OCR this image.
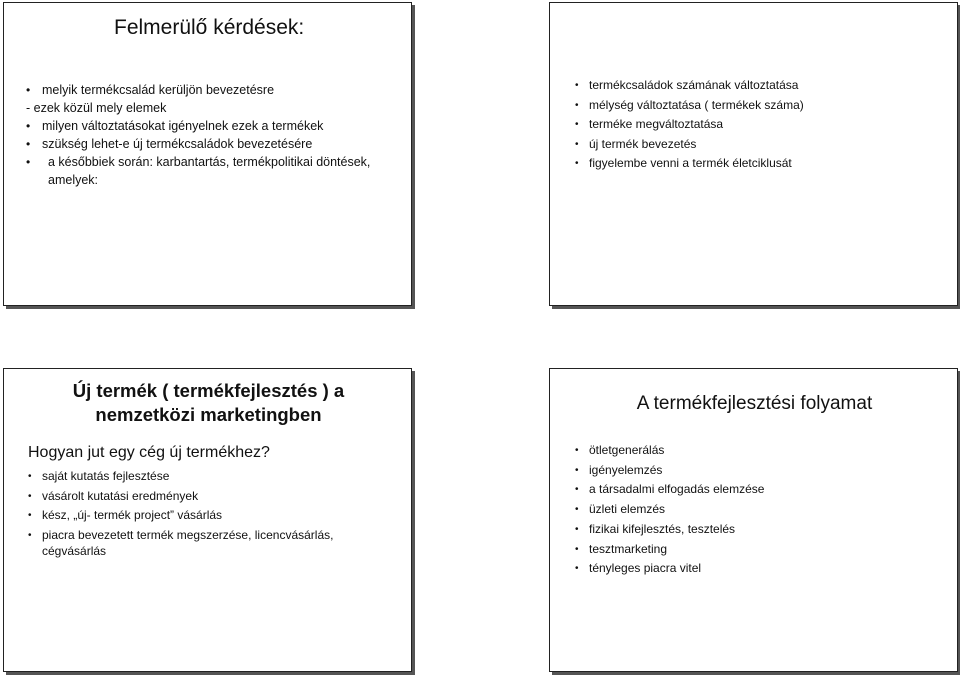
Felmerülő kérdések:
• melyik termékcsalád kerüljön bevezetésre
- ezek közül mely elemek
• milyen változtatásokat igényelnek ezek a termékek
• szükség lehet-e új termékcsaládok bevezetésére
•	a későbbiek során: karbantartás, termékpolitikai döntések,
amelyek:
• termékcsaládok számának változtatása
• mélység változtatása ( termékek száma)
• terméke megváltoztatása
• új termék bevezetés
• figyelembe venni a termék életciklusát
Új termék ( termékfejlesztés ) a
nemzetközi marketingben
Hogyan jut egy cég új termékhez?
• saját kutatás fejlesztése
• vásárolt kutatási eredmények
• kész, „új- termék project” vásárlás
• piacra bevezetett termék megszerzése, licencvásárlás,
cégvásárlás
A termékfejlesztési folyamat
• ötletgenerálás
• igényelemzés
• a társadalmi elfogadás elemzése
• üzleti elemzés
• fizikai kifejlesztés, tesztelés
• tesztmarketing
• tényleges piacra vitel
